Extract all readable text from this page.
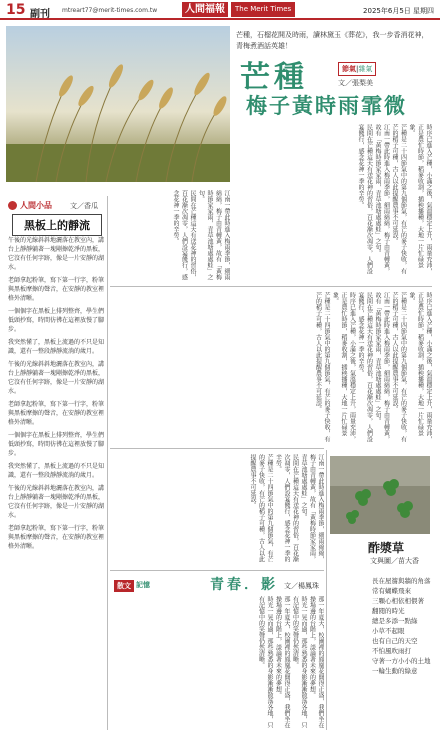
15 副刊 mtreart77@merit-times.com.tw	人間福報	The Merit Times	2025年6月5日 星期四
芒種，石榴花開及時雨，讀林黛玉《葬花》，我一步香消花神，青梅煮酒話英雄！
芒種	節氣|雜氣
文／張梨美
梅子黃時雨霏微

時序已進入芒種，小滿之後，氣溫穩定上升，雨量充沛，正是農忙時節，稻麥收割，插秧播種，大地一片忙碌景象。

芒種是二十四節氣中的第九個節氣，有芒的麥子快收，有芒的稻子可種，古人以此提醒農事不可延誤。

江南一帶此時進入梅雨季節，細雨綿綿，梅子由青轉黃，故有「黃梅時節家家雨，青草池塘處處蛙」之句。

民間在芒種這天有送花神的習俗，百花漸次凋零，人們設宴餞行，感念花神一季的辛勞。

江南一帶此時進入梅雨季節，細雨綿綿，梅子由青轉黃，故有「黃梅時節家家雨，青草池塘處處蛙」之句。

民間在芒種這天有送花神的習俗，百花漸次凋零，人們設宴餞行，感念花神一季的辛勞。

時序已進入芒種，小滿之後，氣溫穩定上升，雨量充沛，正是農忙時節，稻麥收割，插秧播種，大地一片忙碌景象。

芒種是二十四節氣中的第九個節氣，有芒的麥子快收，有芒的稻子可種，古人以此提醒農事不可延誤。

江南一帶此時進入梅雨季節，細雨綿綿，梅子由青轉黃，故有「黃梅時節家家雨，青草池塘處處蛙」之句。

民間在芒種這天有送花神的習俗，百花漸次凋零，人們設宴餞行，感念花神一季的辛勞。

時序已進入芒種，小滿之後，氣溫穩定上升，雨量充沛，正是農忙時節，稻麥收割，插秧播種，大地一片忙碌景象。

芒種是二十四節氣中的第九個節氣，有芒的麥子快收，有芒的稻子可種，古人以此提醒農事不可延誤。

江南一帶此時進入梅雨季節，細雨綿綿，梅子由青轉黃，故有「黃梅時節家家雨，青草池塘處處蛙」之句。

民間在芒種這天有送花神的習俗，百花漸次凋零，人們設宴餞行，感念花神一季的辛勞。

芒種是二十四節氣中的第九個節氣，有芒的麥子快收，有芒的稻子可種，古人以此提醒農事不可延誤。

人間小品	文／香瓜
黑板上的靜流

午後的光線斜斜地灑落在教室內，講台上靜靜躺著一塊剛擦乾淨的黑板，它沒有任何字跡，像是一片安靜的湖水。

老師拿起粉筆，寫下第一行字，粉筆與黑板摩擦的聲音，在安靜的教室裡格外清晰。

一個個字在黑板上排列整齊，學生們低頭抄寫，時間彷彿在這裡放慢了腳步。

我突然懂了，黑板上流過的不只是知識，還有一整段靜靜流淌的歲月。

午後的光線斜斜地灑落在教室內，講台上靜靜躺著一塊剛擦乾淨的黑板，它沒有任何字跡，像是一片安靜的湖水。

老師拿起粉筆，寫下第一行字，粉筆與黑板摩擦的聲音，在安靜的教室裡格外清晰。

一個個字在黑板上排列整齊，學生們低頭抄寫，時間彷彿在這裡放慢了腳步。

我突然懂了，黑板上流過的不只是知識，還有一整段靜靜流淌的歲月。

午後的光線斜斜地灑落在教室內，講台上靜靜躺著一塊剛擦乾淨的黑板，它沒有任何字跡，像是一片安靜的湖水。

老師拿起粉筆，寫下第一行字，粉筆與黑板摩擦的聲音，在安靜的教室裡格外清晰。

散文 記憶	青春．影 文／楊鳳珠

那一年夏天，校園裡的鳳凰花開得正盛，我們坐在操場邊的台階上，談論著未來的夢想。

時光一晃而過，那些熟悉的身影漸漸散落各地，只有記憶中的笑聲仍然清晰。

那一年夏天，校園裡的鳳凰花開得正盛，我們坐在操場邊的台階上，談論著未來的夢想。

時光一晃而過，那些熟悉的身影漸漸散落各地，只有記憶中的笑聲仍然清晰。

酢漿草
文與圖／苗大香
長在屋簷與牆的角落
常有蝴蝶飛來
三顆心相依相偎著
翻閱的時光
總是多添一點綠
小草不起眼
也有自己的天空
不怕風吹雨打
守著一方小小的土地
一輪生動的綠意
